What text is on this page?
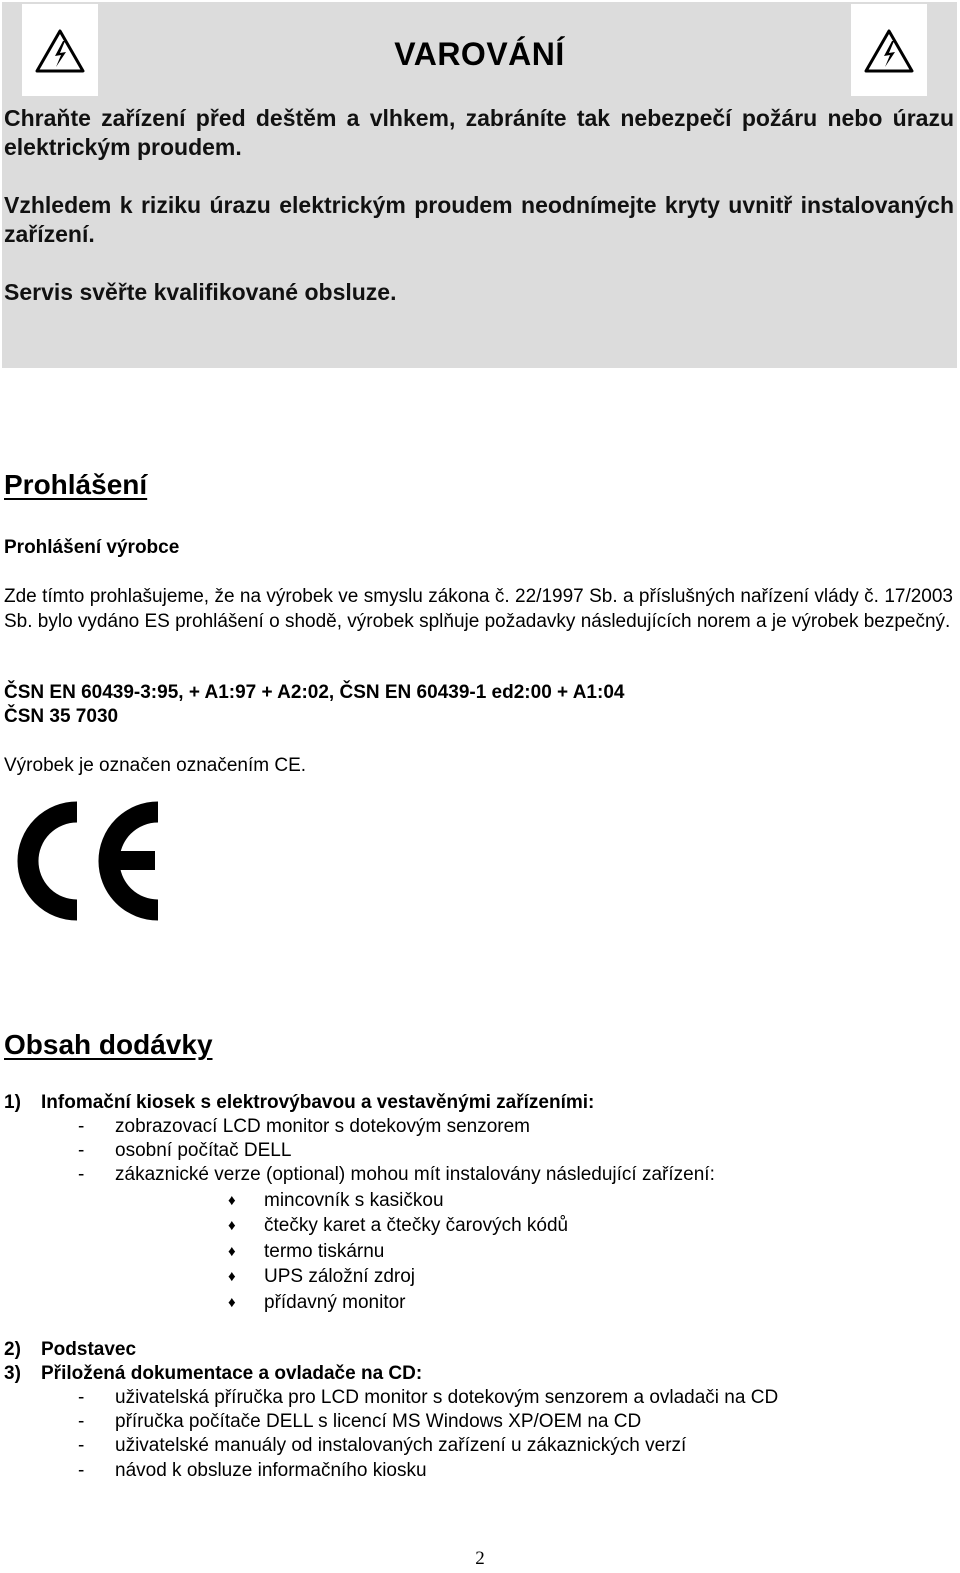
VAROVÁNÍ
Chraňte zařízení před deštěm a vlhkem, zabráníte tak nebezpečí požáru nebo úrazu elektrickým proudem.
Vzhledem k riziku úrazu elektrickým proudem neodnímejte kryty uvnitř instalovaných zařízení.
Servis svěřte kvalifikované obsluze.
Prohlášení
Prohlášení výrobce
Zde tímto prohlašujeme, že na výrobek ve smyslu zákona č. 22/1997 Sb. a příslušných nařízení vlády č. 17/2003 Sb. bylo vydáno ES prohlášení o shodě, výrobek splňuje požadavky následujících norem a je výrobek bezpečný.
ČSN EN 60439-3:95, + A1:97 + A2:02, ČSN EN 60439-1 ed2:00 + A1:04
ČSN 35 7030
Výrobek je označen označením CE.
Obsah dodávky
1) Infomační kiosek s elektrovýbavou a vestavěnými zařízeními:
- zobrazovací LCD monitor s dotekovým senzorem
- osobní počítač DELL
- zákaznické verze (optional) mohou mít instalovány následující zařízení:
♦ mincovník s kasičkou
♦ čtečky karet a čtečky čarových kódů
♦ termo tiskárnu
♦ UPS záložní zdroj
♦ přídavný monitor
2) Podstavec
3) Přiložená dokumentace a ovladače na CD:
- uživatelská příručka pro LCD monitor s dotekovým senzorem a ovladači na CD
- příručka počítače DELL s licencí MS Windows XP/OEM na CD
- uživatelské manuály od instalovaných zařízení u zákaznických verzí
- návod k obsluze informačního kiosku
2
